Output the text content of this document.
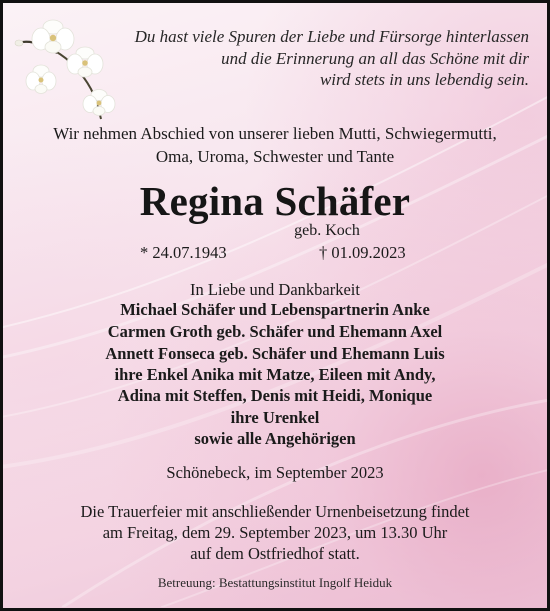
Du hast viele Spuren der Liebe und Fürsorge hinterlassen
und die Erinnerung an all das Schöne mit dir
wird stets in uns lebendig sein.
Wir nehmen Abschied von unserer lieben Mutti, Schwiegermutti,
Oma, Uroma, Schwester und Tante
Regina Schäfer
geb. Koch
* 24.07.1943	† 01.09.2023
In Liebe und Dankbarkeit
Michael Schäfer und Lebenspartnerin Anke
Carmen Groth geb. Schäfer und Ehemann Axel
Annett Fonseca geb. Schäfer und Ehemann Luis
ihre Enkel Anika mit Matze, Eileen mit Andy,
Adina mit Steffen, Denis mit Heidi, Monique
ihre Urenkel
sowie alle Angehörigen
Schönebeck, im September 2023
Die Trauerfeier mit anschließender Urnenbeisetzung findet
am Freitag, dem 29. September 2023, um 13.30 Uhr
auf dem Ostfriedhof statt.
Betreuung: Bestattungsinstitut Ingolf Heiduk
